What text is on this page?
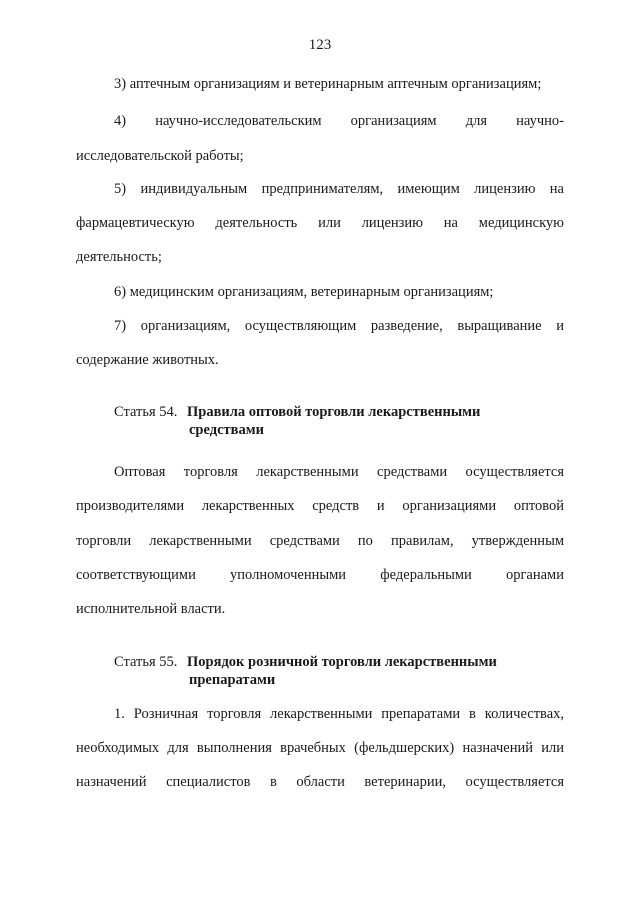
123
3) аптечным организациям и ветеринарным аптечным организациям;
4) научно-исследовательским организациям для научно-
исследовательской работы;
5) индивидуальным предпринимателям, имеющим лицензию на
фармацевтическую деятельность или лицензию на медицинскую
деятельность;
6) медицинским организациям, ветеринарным организациям;
7) организациям, осуществляющим разведение, выращивание и
содержание животных.
Статья 54. Правила оптовой торговли лекарственными
средствами
Оптовая торговля лекарственными средствами осуществляется
производителями лекарственных средств и организациями оптовой
торговли лекарственными средствами по правилам, утвержденным
соответствующими уполномоченными федеральными органами
исполнительной власти.
Статья 55. Порядок розничной торговли лекарственными
препаратами
1. Розничная торговля лекарственными препаратами в количествах,
необходимых для выполнения врачебных (фельдшерских) назначений или
назначений специалистов в области ветеринарии, осуществляется
